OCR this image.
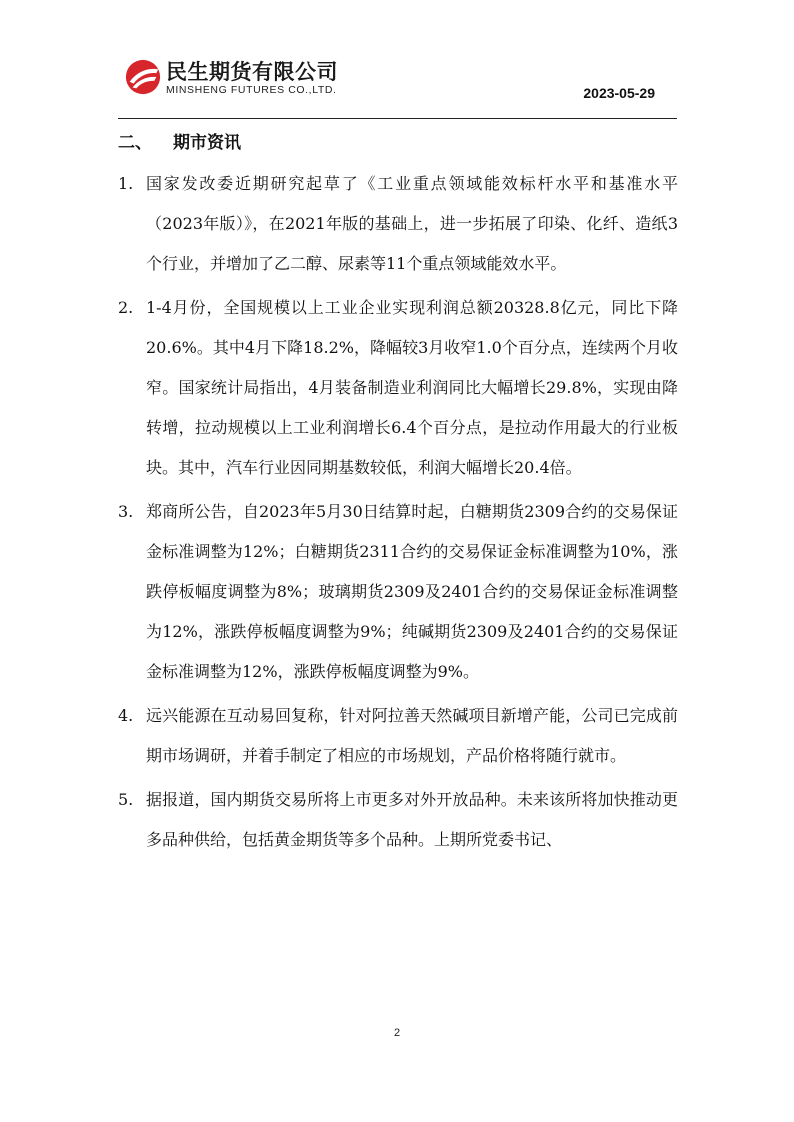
民生期货有限公司
MINSHENG FUTURES CO.,LTD.	2023-05-29
二、 期市资讯
1. 国家发改委近期研究起草了《工业重点领域能效标杆水平和基准水平（2023年版）》，在2021年版的基础上，进一步拓展了印染、化纤、造纸3个行业，并增加了乙二醇、尿素等11个重点领域能效水平。
2. 1-4月份，全国规模以上工业企业实现利润总额20328.8亿元，同比下降20.6%。其中4月下降18.2%，降幅较3月收窄1.0个百分点，连续两个月收窄。国家统计局指出，4月装备制造业利润同比大幅增长29.8%，实现由降转增，拉动规模以上工业利润增长6.4个百分点，是拉动作用最大的行业板块。其中，汽车行业因同期基数较低，利润大幅增长20.4倍。
3. 郑商所公告，自2023年5月30日结算时起，白糖期货2309合约的交易保证金标准调整为12%；白糖期货2311合约的交易保证金标准调整为10%，涨跌停板幅度调整为8%；玻璃期货2309及2401合约的交易保证金标准调整为12%，涨跌停板幅度调整为9%；纯碱期货2309及2401合约的交易保证金标准调整为12%，涨跌停板幅度调整为9%。
4. 远兴能源在互动易回复称，针对阿拉善天然碱项目新增产能，公司已完成前期市场调研，并着手制定了相应的市场规划，产品价格将随行就市。
5. 据报道，国内期货交易所将上市更多对外开放品种。未来该所将加快推动更多品种供给，包括黄金期货等多个品种。上期所党委书记、
2
